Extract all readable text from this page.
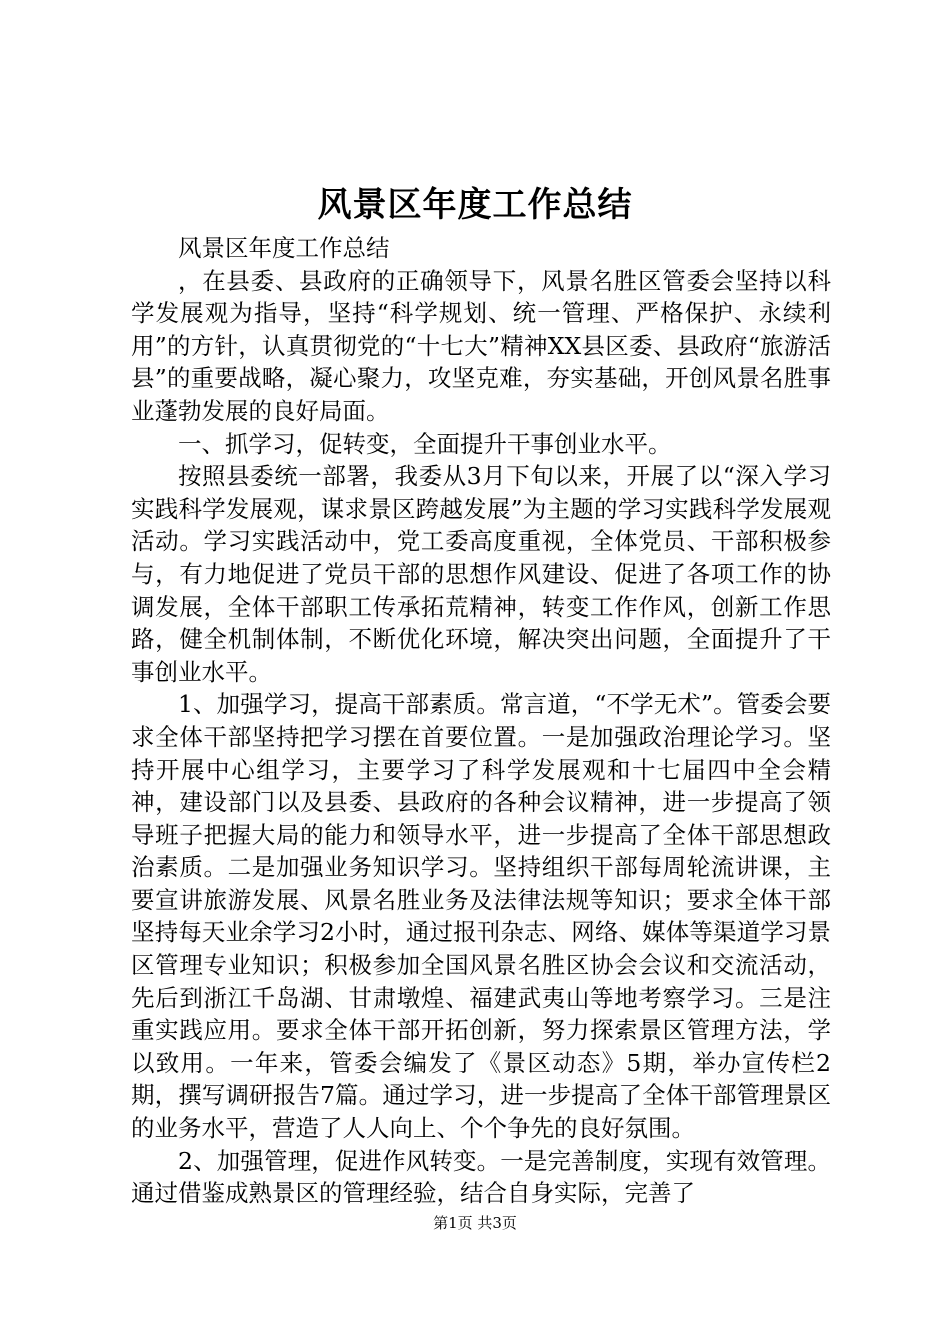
风景区年度工作总结

风景区年度工作总结

，在县委、县政府的正确领导下，风景名胜区管委会坚持以科学发展观为指导，坚持“科学规划、统一管理、严格保护、永续利用”的方针，认真贯彻党的“十七大”精神XX县区委、县政府“旅游活县”的重要战略，凝心聚力，攻坚克难，夯实基础，开创风景名胜事业蓬勃发展的良好局面。

一、抓学习，促转变，全面提升干事创业水平。

按照县委统一部署，我委从3月下旬以来，开展了以“深入学习实践科学发展观，谋求景区跨越发展”为主题的学习实践科学发展观活动。学习实践活动中，党工委高度重视，全体党员、干部积极参与，有力地促进了党员干部的思想作风建设、促进了各项工作的协调发展，全体干部职工传承拓荒精神，转变工作作风，创新工作思路，健全机制体制，不断优化环境，解决突出问题，全面提升了干事创业水平。

1、加强学习，提高干部素质。常言道，“不学无术”。管委会要求全体干部坚持把学习摆在首要位置。一是加强政治理论学习。坚持开展中心组学习，主要学习了科学发展观和十七届四中全会精神，建设部门以及县委、县政府的各种会议精神，进一步提高了领导班子把握大局的能力和领导水平，进一步提高了全体干部思想政治素质。二是加强业务知识学习。坚持组织干部每周轮流讲课，主要宣讲旅游发展、风景名胜业务及法律法规等知识；要求全体干部坚持每天业余学习2小时，通过报刊杂志、网络、媒体等渠道学习景区管理专业知识；积极参加全国风景名胜区协会会议和交流活动，先后到浙江千岛湖、甘肃墩煌、福建武夷山等地考察学习。三是注重实践应用。要求全体干部开拓创新，努力探索景区管理方法，学以致用。一年来，管委会编发了《景区动态》5期，举办宣传栏2期，撰写调研报告7篇。通过学习，进一步提高了全体干部管理景区的业务水平，营造了人人向上、个个争先的良好氛围。

2、加强管理，促进作风转变。一是完善制度，实现有效管理。通过借鉴成熟景区的管理经验，结合自身实际，完善了

第1页 共3页
